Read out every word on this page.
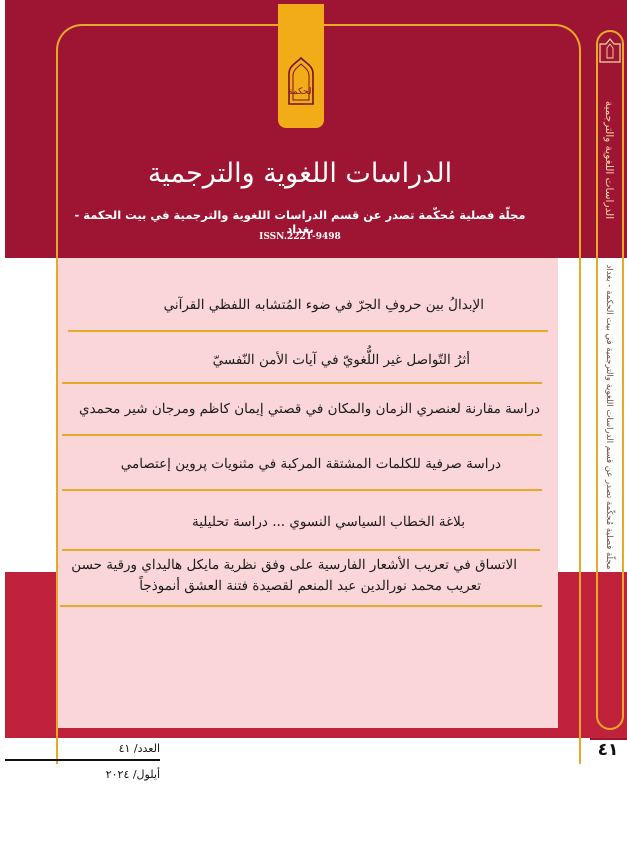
الحكمة
الدراسات اللغوية والترجمية
مجلّة فصلية مُحكّمة تصدر عن قسم الدراسات اللغوية والترجمية في بيت الحكمة - بغداد
ISSN.2221-9498
الإبدالُ بين حروفِ الجرّ في ضوء المُتشابه اللفظي القرآني
أثرُ التّواصل غير اللُّغويّ في آيات الأمن النّفسيّ
دراسة مقارنة لعنصري الزمان والمكان في قصتي إيمان كاظم ومرجان شير محمدي
دراسة صرفية للكلمات المشتقة المركبة في مثنويات پروين إعتصامي
بلاغة الخطاب السياسي النسوي ... دراسة تحليلية
الاتساق في تعريب الأشعار الفارسية على وفق نظرية مايكل هاليداي ورقية حسن
تعريب محمد نورالدين عبد المنعم لقصيدة فتنة العشق أنموذجاً
الدراسات اللغوية والترجمية
مجلّة فصلية مُحكّمة تصدر عن قسم الدراسات اللغوية والترجمية في بيت الحكمة - بغداد
٤١
العدد/ ٤١
أيلول/ ٢٠٢٤
